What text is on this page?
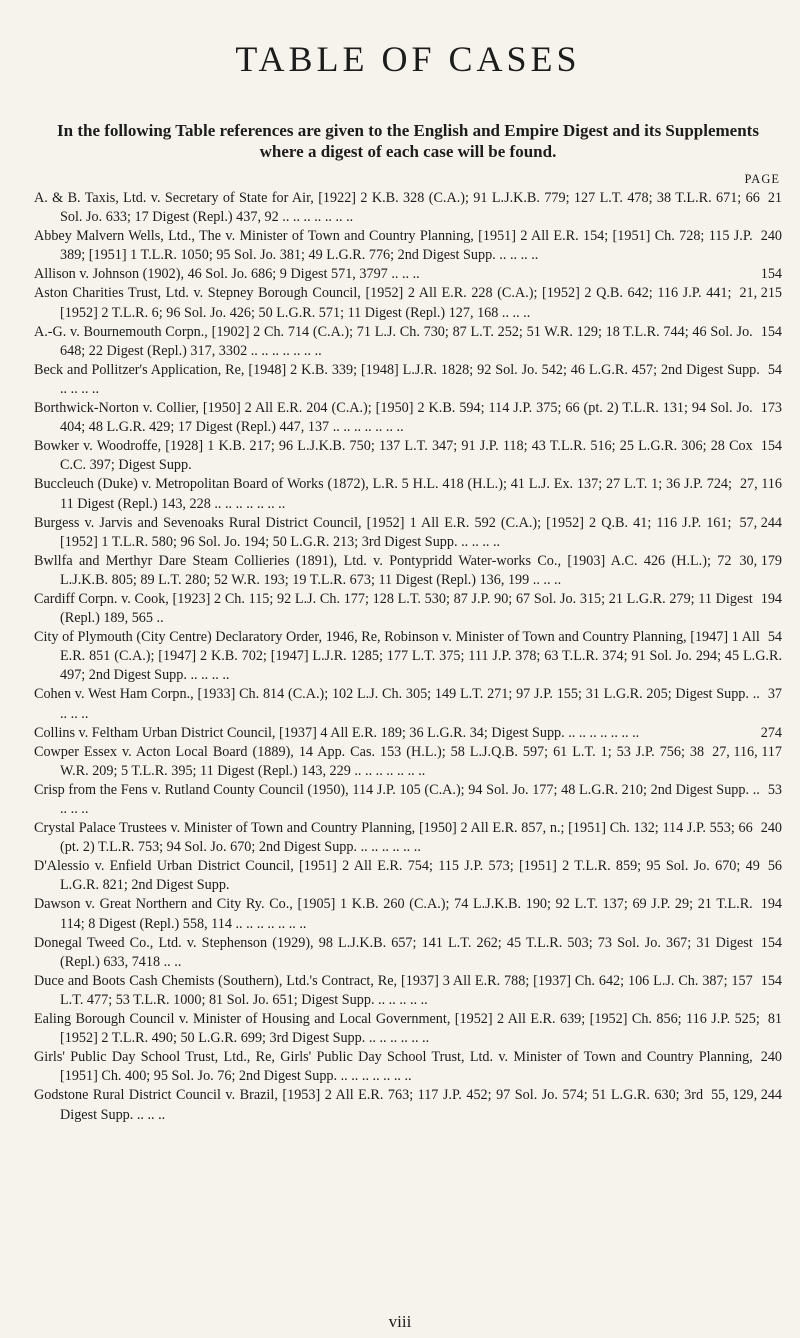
TABLE OF CASES

In the following Table references are given to the English and Empire Digest and its Supplements where a digest of each case will be found.

PAGE
21
A. & B. Taxis, Ltd. v. Secretary of State for Air, [1922] 2 K.B. 328 (C.A.); 91 L.J.K.B. 779; 127 L.T. 478; 38 T.L.R. 671; 66 Sol. Jo. 633; 17 Digest (Repl.) 437, 92 .. .. .. .. .. .. ..
240
Abbey Malvern Wells, Ltd., The v. Minister of Town and Country Planning, [1951] 2 All E.R. 154; [1951] Ch. 728; 115 J.P. 389; [1951] 1 T.L.R. 1050; 95 Sol. Jo. 381; 49 L.G.R. 776; 2nd Digest Supp. .. .. .. ..
154
Allison v. Johnson (1902), 46 Sol. Jo. 686; 9 Digest 571, 3797 .. .. ..
21, 215
Aston Charities Trust, Ltd. v. Stepney Borough Council, [1952] 2 All E.R. 228 (C.A.); [1952] 2 Q.B. 642; 116 J.P. 441; [1952] 2 T.L.R. 6; 96 Sol. Jo. 426; 50 L.G.R. 571; 11 Digest (Repl.) 127, 168 .. .. ..
154
A.-G. v. Bournemouth Corpn., [1902] 2 Ch. 714 (C.A.); 71 L.J. Ch. 730; 87 L.T. 252; 51 W.R. 129; 18 T.L.R. 744; 46 Sol. Jo. 648; 22 Digest (Repl.) 317, 3302 .. .. .. .. .. .. ..
54
Beck and Pollitzer's Application, Re, [1948] 2 K.B. 339; [1948] L.J.R. 1828; 92 Sol. Jo. 542; 46 L.G.R. 457; 2nd Digest Supp. .. .. .. ..
173
Borthwick-Norton v. Collier, [1950] 2 All E.R. 204 (C.A.); [1950] 2 K.B. 594; 114 J.P. 375; 66 (pt. 2) T.L.R. 131; 94 Sol. Jo. 404; 48 L.G.R. 429; 17 Digest (Repl.) 447, 137 .. .. .. .. .. .. ..
154
Bowker v. Woodroffe, [1928] 1 K.B. 217; 96 L.J.K.B. 750; 137 L.T. 347; 91 J.P. 118; 43 T.L.R. 516; 25 L.G.R. 306; 28 Cox C.C. 397; Digest Supp.
27, 116
Buccleuch (Duke) v. Metropolitan Board of Works (1872), L.R. 5 H.L. 418 (H.L.); 41 L.J. Ex. 137; 27 L.T. 1; 36 J.P. 724; 11 Digest (Repl.) 143, 228 .. .. .. .. .. .. ..
57, 244
Burgess v. Jarvis and Sevenoaks Rural District Council, [1952] 1 All E.R. 592 (C.A.); [1952] 2 Q.B. 41; 116 J.P. 161; [1952] 1 T.L.R. 580; 96 Sol. Jo. 194; 50 L.G.R. 213; 3rd Digest Supp. .. .. .. ..
30, 179
Bwllfa and Merthyr Dare Steam Collieries (1891), Ltd. v. Pontypridd Water-works Co., [1903] A.C. 426 (H.L.); 72 L.J.K.B. 805; 89 L.T. 280; 52 W.R. 193; 19 T.L.R. 673; 11 Digest (Repl.) 136, 199 .. .. ..
194
Cardiff Corpn. v. Cook, [1923] 2 Ch. 115; 92 L.J. Ch. 177; 128 L.T. 530; 87 J.P. 90; 67 Sol. Jo. 315; 21 L.G.R. 279; 11 Digest (Repl.) 189, 565 ..
54
City of Plymouth (City Centre) Declaratory Order, 1946, Re, Robinson v. Minister of Town and Country Planning, [1947] 1 All E.R. 851 (C.A.); [1947] 2 K.B. 702; [1947] L.J.R. 1285; 177 L.T. 375; 111 J.P. 378; 63 T.L.R. 374; 91 Sol. Jo. 294; 45 L.G.R. 497; 2nd Digest Supp. .. .. .. ..
37
Cohen v. West Ham Corpn., [1933] Ch. 814 (C.A.); 102 L.J. Ch. 305; 149 L.T. 271; 97 J.P. 155; 31 L.G.R. 205; Digest Supp. .. .. .. ..
274
Collins v. Feltham Urban District Council, [1937] 4 All E.R. 189; 36 L.G.R. 34; Digest Supp. .. .. .. .. .. .. ..
27, 116, 117
Cowper Essex v. Acton Local Board (1889), 14 App. Cas. 153 (H.L.); 58 L.J.Q.B. 597; 61 L.T. 1; 53 J.P. 756; 38 W.R. 209; 5 T.L.R. 395; 11 Digest (Repl.) 143, 229 .. .. .. .. .. .. ..
53
Crisp from the Fens v. Rutland County Council (1950), 114 J.P. 105 (C.A.); 94 Sol. Jo. 177; 48 L.G.R. 210; 2nd Digest Supp. .. .. .. ..
240
Crystal Palace Trustees v. Minister of Town and Country Planning, [1950] 2 All E.R. 857, n.; [1951] Ch. 132; 114 J.P. 553; 66 (pt. 2) T.L.R. 753; 94 Sol. Jo. 670; 2nd Digest Supp. .. .. .. .. .. ..
56
D'Alessio v. Enfield Urban District Council, [1951] 2 All E.R. 754; 115 J.P. 573; [1951] 2 T.L.R. 859; 95 Sol. Jo. 670; 49 L.G.R. 821; 2nd Digest Supp.
194
Dawson v. Great Northern and City Ry. Co., [1905] 1 K.B. 260 (C.A.); 74 L.J.K.B. 190; 92 L.T. 137; 69 J.P. 29; 21 T.L.R. 114; 8 Digest (Repl.) 558, 114 .. .. .. .. .. .. ..
154
Donegal Tweed Co., Ltd. v. Stephenson (1929), 98 L.J.K.B. 657; 141 L.T. 262; 45 T.L.R. 503; 73 Sol. Jo. 367; 31 Digest (Repl.) 633, 7418 .. ..
154
Duce and Boots Cash Chemists (Southern), Ltd.'s Contract, Re, [1937] 3 All E.R. 788; [1937] Ch. 642; 106 L.J. Ch. 387; 157 L.T. 477; 53 T.L.R. 1000; 81 Sol. Jo. 651; Digest Supp. .. .. .. .. ..
81
Ealing Borough Council v. Minister of Housing and Local Government, [1952] 2 All E.R. 639; [1952] Ch. 856; 116 J.P. 525; [1952] 2 T.L.R. 490; 50 L.G.R. 699; 3rd Digest Supp. .. .. .. .. .. ..
240
Girls' Public Day School Trust, Ltd., Re, Girls' Public Day School Trust, Ltd. v. Minister of Town and Country Planning, [1951] Ch. 400; 95 Sol. Jo. 76; 2nd Digest Supp. .. .. .. .. .. .. ..
55, 129, 244
Godstone Rural District Council v. Brazil, [1953] 2 All E.R. 763; 117 J.P. 452; 97 Sol. Jo. 574; 51 L.G.R. 630; 3rd Digest Supp. .. .. ..
viii
